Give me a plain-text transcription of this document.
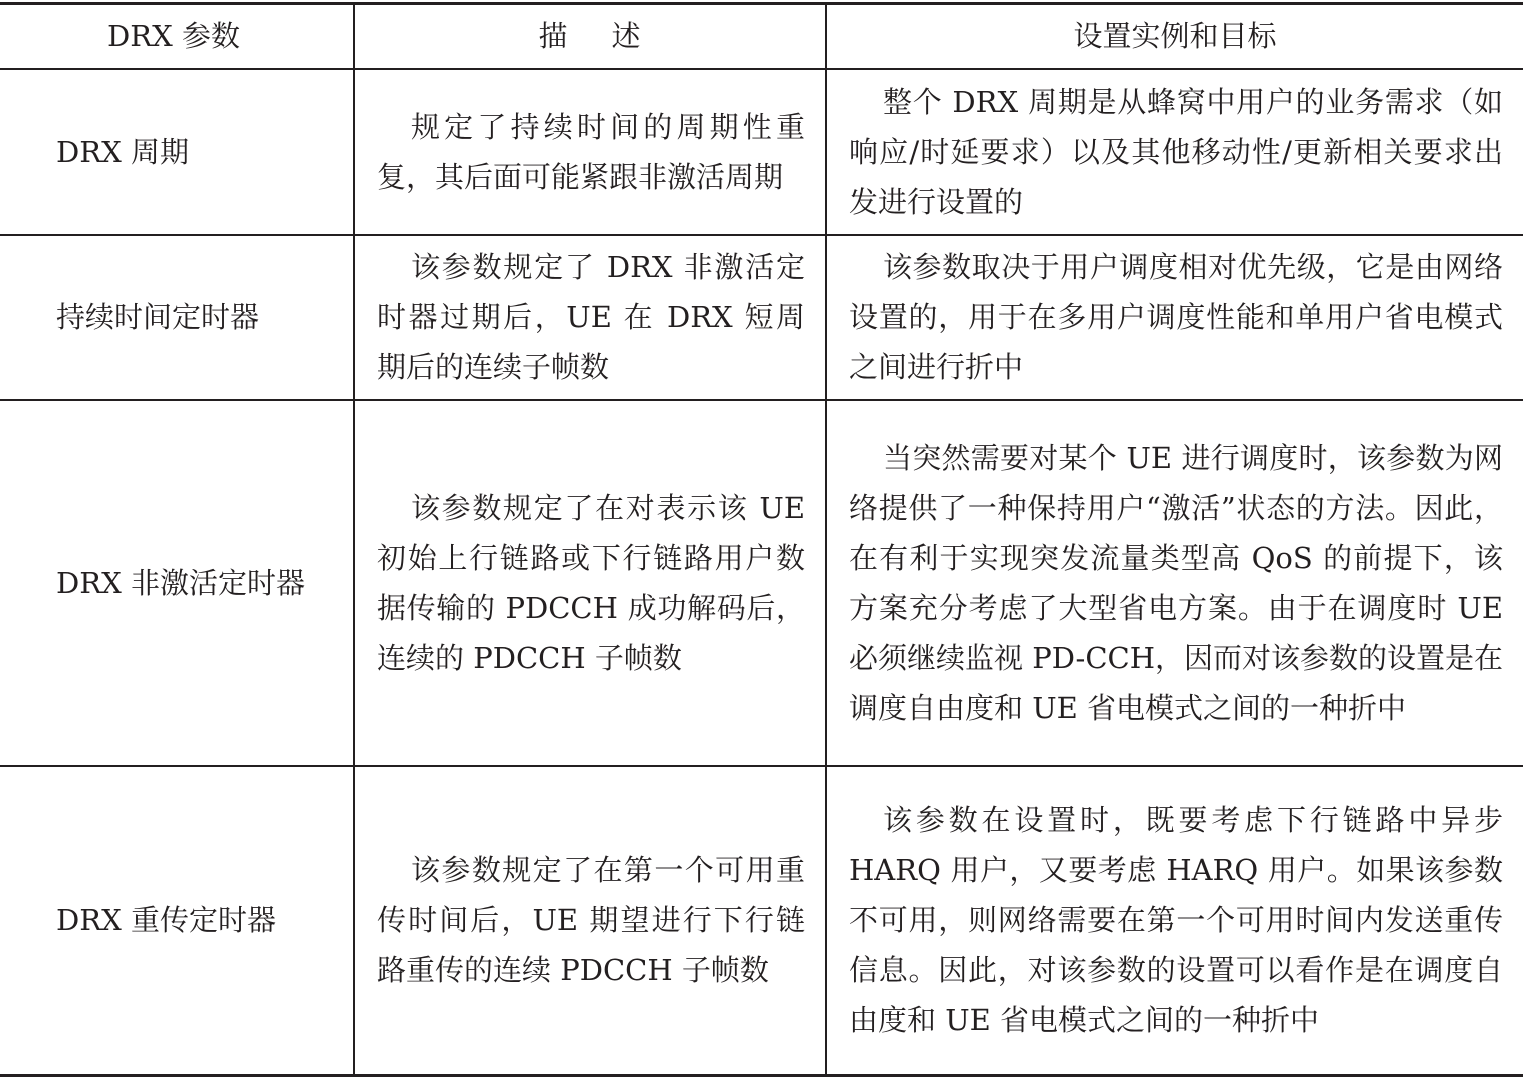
DRX 参数	描述	设置实例和目标
DRX 周期	规定了持续时间的周期性重复，其后面可能紧跟非激活周期	整个 DRX 周期是从蜂窝中用户的业务需求（如响应/时延要求）以及其他移动性/更新相关要求出发进行设置的
持续时间定时器	该参数规定了 DRX 非激活定时器过期后，UE 在 DRX 短周期后的连续子帧数	该参数取决于用户调度相对优先级，它是由网络设置的，用于在多用户调度性能和单用户省电模式之间进行折中
DRX 非激活定时器	该参数规定了在对表示该 UE 初始上行链路或下行链路用户数据传输的 PDCCH 成功解码后，连续的 PDCCH 子帧数	当突然需要对某个 UE 进行调度时，该参数为网络提供了一种保持用户“激活”状态的方法。因此，在有利于实现突发流量类型高 QoS 的前提下，该方案充分考虑了大型省电方案。由于在调度时 UE 必须继续监视 PD-CCH，因而对该参数的设置是在调度自由度和 UE 省电模式之间的一种折中
DRX 重传定时器	该参数规定了在第一个可用重传时间后，UE 期望进行下行链路重传的连续 PDCCH 子帧数	该参数在设置时，既要考虑下行链路中异步 HARQ 用户，又要考虑 HARQ 用户。如果该参数不可用，则网络需要在第一个可用时间内发送重传信息。因此，对该参数的设置可以看作是在调度自由度和 UE 省电模式之间的一种折中
